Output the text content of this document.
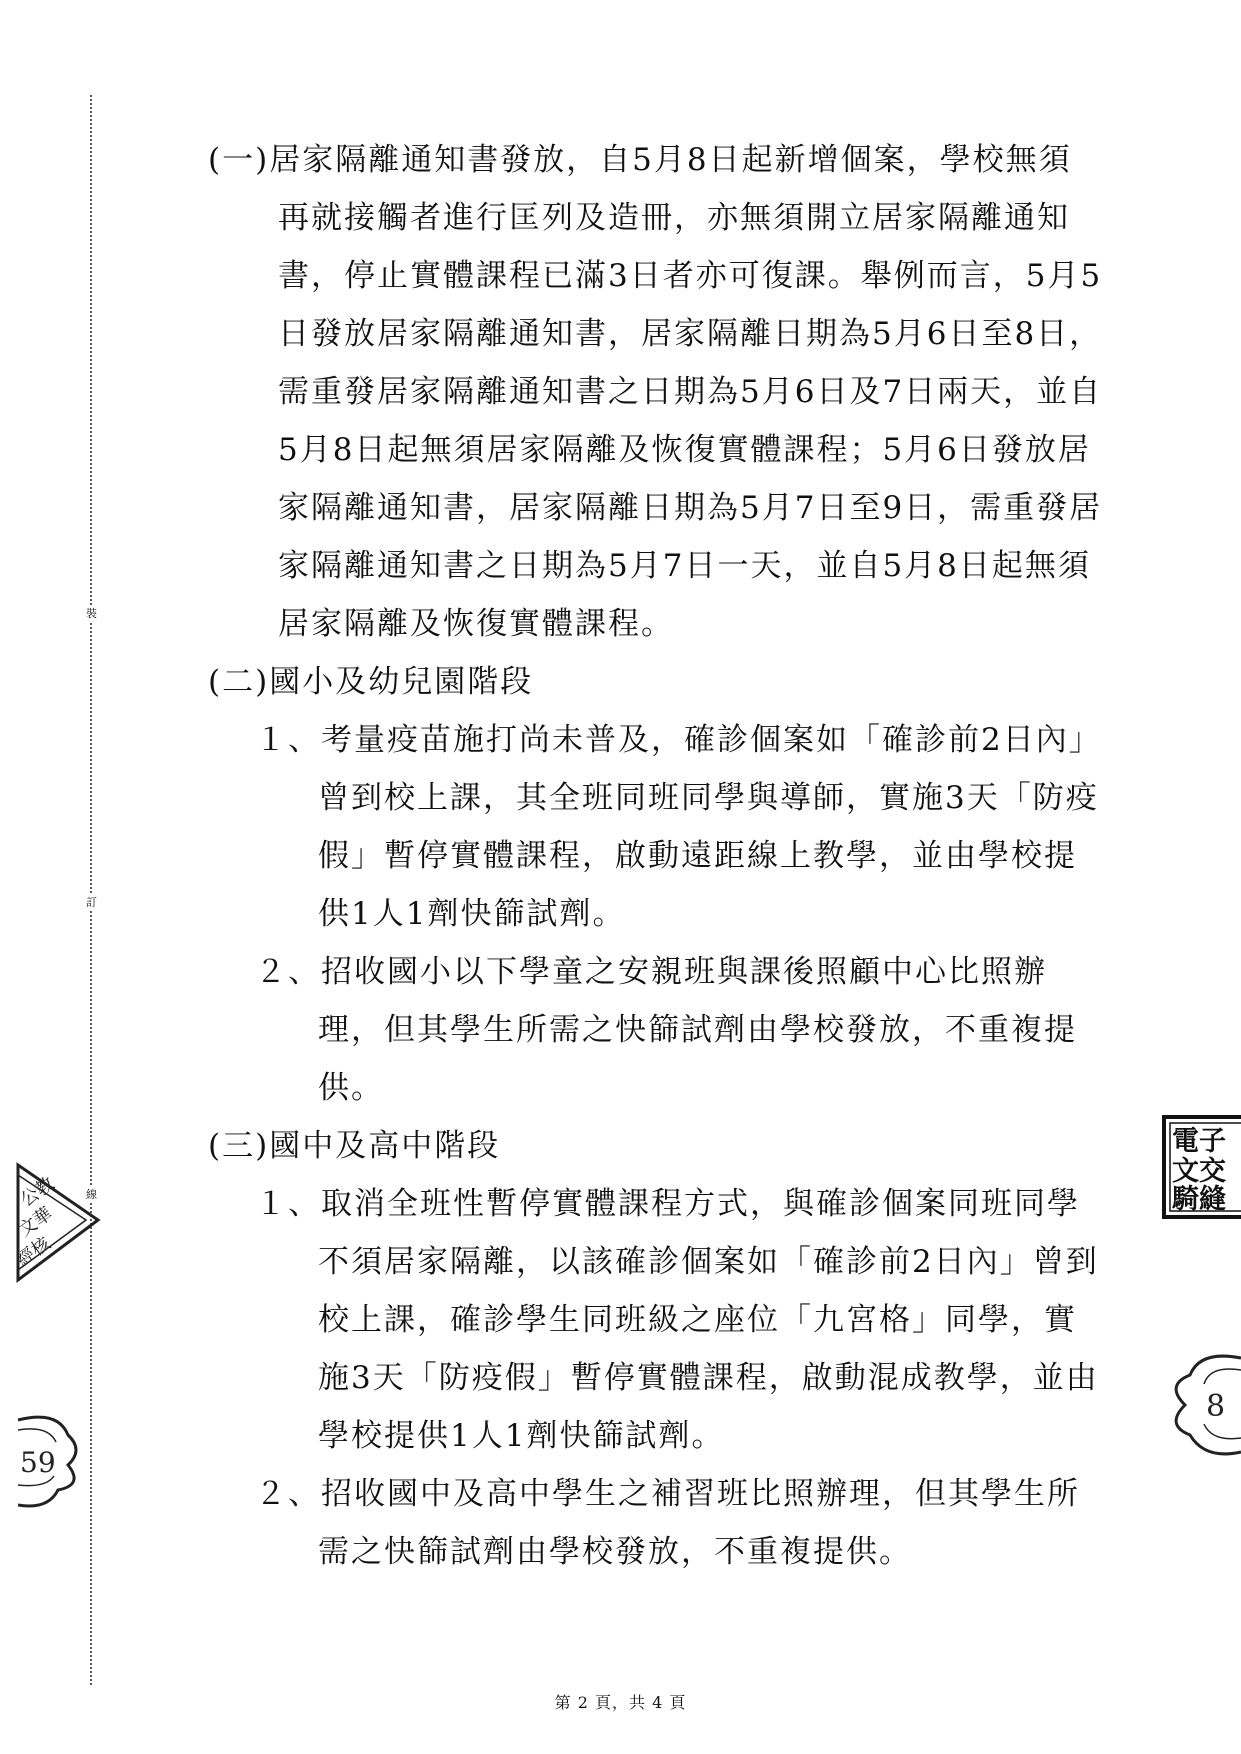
裝
訂
線
公教
文華
經核
59
電子
文交
騎縫
8
(一)居家隔離通知書發放，自5月8日起新增個案，學校無須
再就接觸者進行匡列及造冊，亦無須開立居家隔離通知
書，停止實體課程已滿3日者亦可復課。舉例而言，5月5
日發放居家隔離通知書，居家隔離日期為5月6日至8日，
需重發居家隔離通知書之日期為5月6日及7日兩天，並自
5月8日起無須居家隔離及恢復實體課程；5月6日發放居
家隔離通知書，居家隔離日期為5月7日至9日，需重發居
家隔離通知書之日期為5月7日一天，並自5月8日起無須
居家隔離及恢復實體課程。
(二)國小及幼兒園階段
１、考量疫苗施打尚未普及，確診個案如「確診前2日內」
曾到校上課，其全班同班同學與導師，實施3天「防疫
假」暫停實體課程，啟動遠距線上教學，並由學校提
供1人1劑快篩試劑。
２、招收國小以下學童之安親班與課後照顧中心比照辦
理，但其學生所需之快篩試劑由學校發放，不重複提
供。
(三)國中及高中階段
１、取消全班性暫停實體課程方式，與確診個案同班同學
不須居家隔離，以該確診個案如「確診前2日內」曾到
校上課，確診學生同班級之座位「九宮格」同學，實
施3天「防疫假」暫停實體課程，啟動混成教學，並由
學校提供1人1劑快篩試劑。
２、招收國中及高中學生之補習班比照辦理，但其學生所
需之快篩試劑由學校發放，不重複提供。
第 2 頁，共 4 頁
